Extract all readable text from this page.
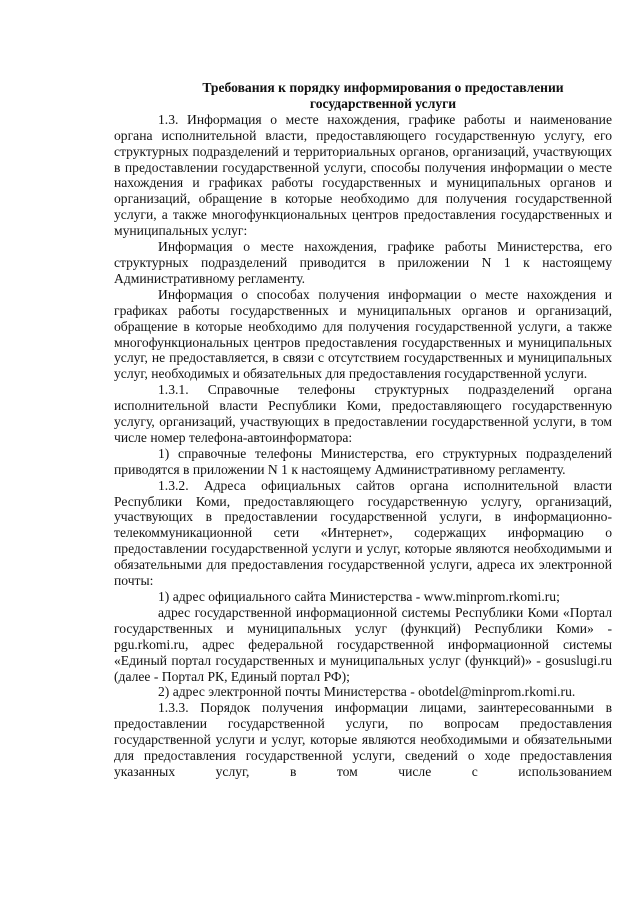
Требования к порядку информирования о предоставлении
государственной услуги

1.3. Информация о месте нахождения, графике работы и наименование органа исполнительной власти, предоставляющего государственную услугу, его структурных подразделений и территориальных органов, организаций, участвующих в предоставлении государственной услуги, способы получения информации о месте нахождения и графиках работы государственных и муниципальных органов и организаций, обращение в которые необходимо для получения государственной услуги, а также многофункциональных центров предоставления государственных и муниципальных услуг:

Информация о месте нахождения, графике работы Министерства, его структурных подразделений приводится в приложении N 1 к настоящему Административному регламенту.

Информация о способах получения информации о месте нахождения и графиках работы государственных и муниципальных органов и организаций, обращение в которые необходимо для получения государственной услуги, а также многофункциональных центров предоставления государственных и муниципальных услуг, не предоставляется, в связи с отсутствием государственных и муниципальных услуг, необходимых и обязательных для предоставления государственной услуги.

1.3.1. Справочные телефоны структурных подразделений органа исполнительной власти Республики Коми, предоставляющего государственную услугу, организаций, участвующих в предоставлении государственной услуги, в том числе номер телефона-автоинформатора:

1) справочные телефоны Министерства, его структурных подразделений приводятся в приложении N 1 к настоящему Административному регламенту.

1.3.2. Адреса официальных сайтов органа исполнительной власти Республики Коми, предоставляющего государственную услугу, организаций, участвующих в предоставлении государственной услуги, в информационно-телекоммуникационной сети «Интернет», содержащих информацию о предоставлении государственной услуги и услуг, которые являются необходимыми и обязательными для предоставления государственной услуги, адреса их электронной почты:

1) адрес официального сайта Министерства - www.minprom.rkomi.ru;

адрес государственной информационной системы Республики Коми «Портал государственных и муниципальных услуг (функций) Республики Коми» - pgu.rkomi.ru, адрес федеральной государственной информационной системы «Единый портал государственных и муниципальных услуг (функций)» - gosuslugi.ru (далее - Портал РК, Единый портал РФ);

2) адрес электронной почты Министерства - obotdel@minprom.rkomi.ru.

1.3.3. Порядок получения информации лицами, заинтересованными в предоставлении государственной услуги, по вопросам предоставления государственной услуги и услуг, которые являются необходимыми и обязательными для предоставления государственной услуги, сведений о ходе предоставления указанных услуг, в том числе с использованием
